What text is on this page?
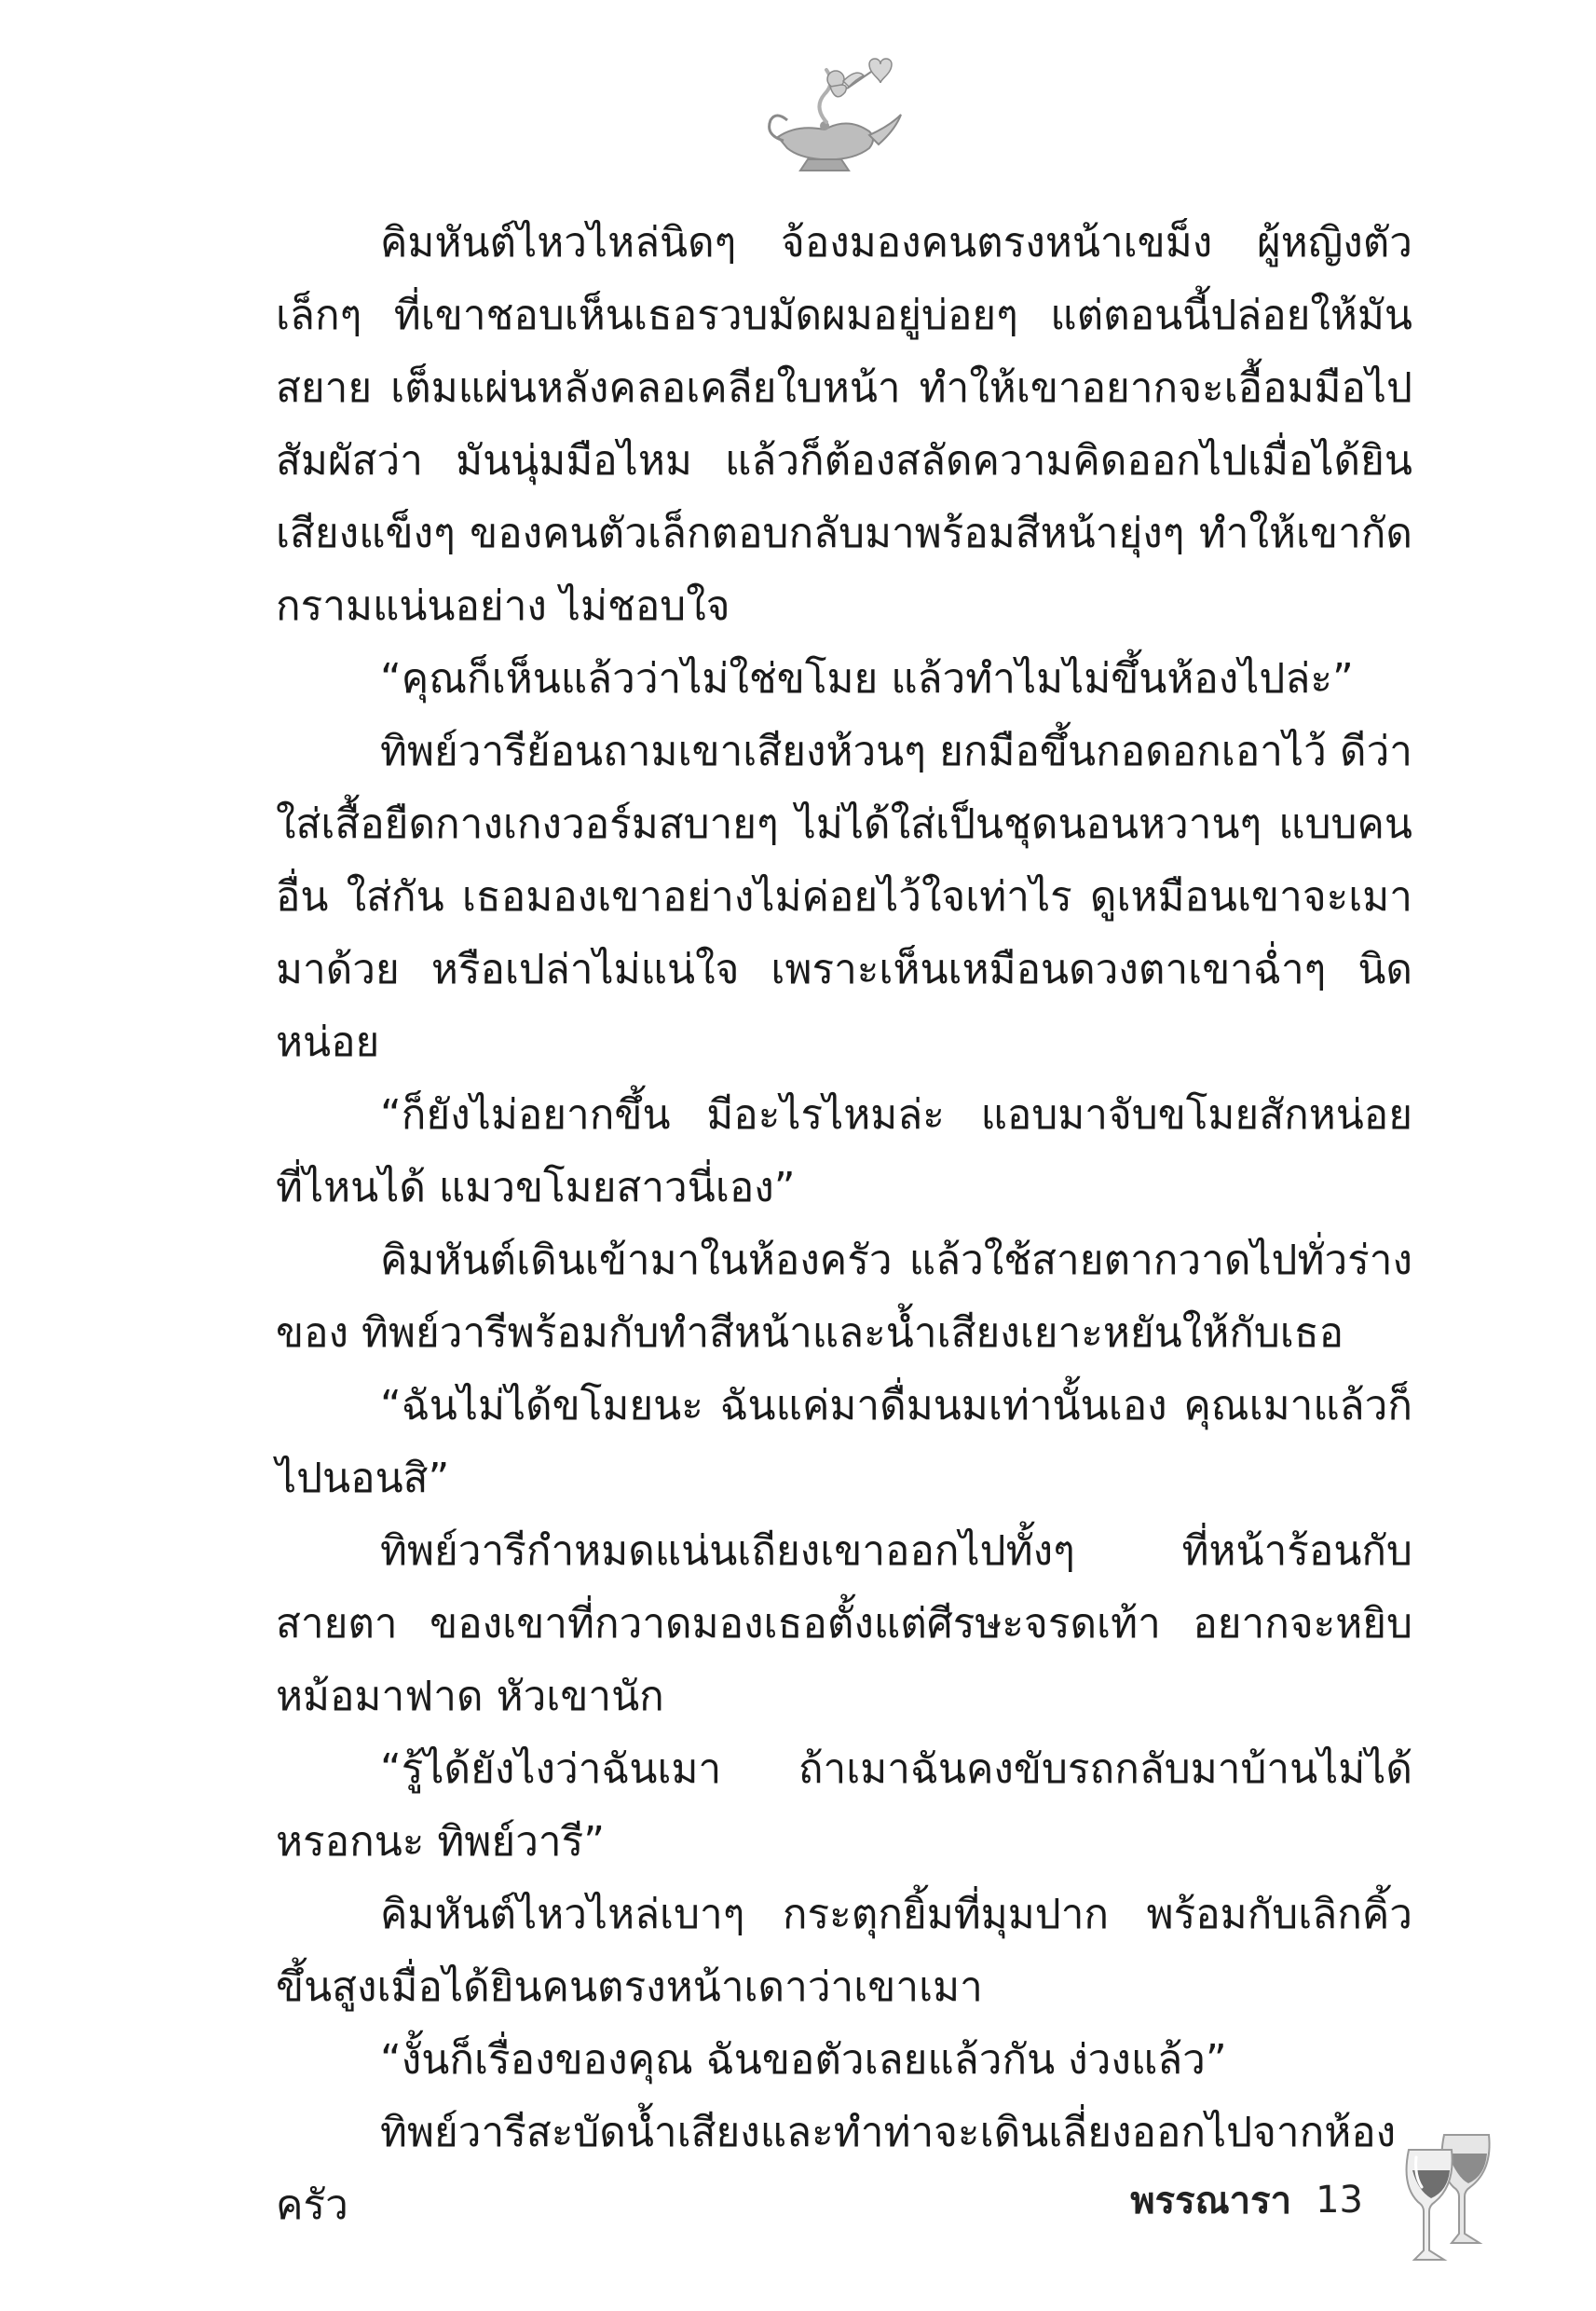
คิมหันต์ไหวไหล่นิดๆ จ้องมองคนตรงหน้าเขม็ง ผู้หญิงตัวเล็กๆ ที่เขาชอบเห็นเธอรวบมัดผมอยู่บ่อยๆ แต่ตอนนี้ปล่อยให้มันสยาย เต็มแผ่นหลังคลอเคลียใบหน้า ทำให้เขาอยากจะเอื้อมมือไปสัมผัสว่า มันนุ่มมือไหม แล้วก็ต้องสลัดความคิดออกไปเมื่อได้ยินเสียงแข็งๆ ของคนตัวเล็กตอบกลับมาพร้อมสีหน้ายุ่งๆ ทำให้เขากัดกรามแน่นอย่าง ไม่ชอบใจ

“คุณก็เห็นแล้วว่าไม่ใช่ขโมย แล้วทำไมไม่ขึ้นห้องไปล่ะ”

ทิพย์วารีย้อนถามเขาเสียงห้วนๆ ยกมือขึ้นกอดอกเอาไว้ ดีว่า ใส่เสื้อยืดกางเกงวอร์มสบายๆ ไม่ได้ใส่เป็นชุดนอนหวานๆ แบบคนอื่น ใส่กัน เธอมองเขาอย่างไม่ค่อยไว้ใจเท่าไร ดูเหมือนเขาจะเมามาด้วย หรือเปล่าไม่แน่ใจ เพราะเห็นเหมือนดวงตาเขาฉ่ำๆ นิดหน่อย

“ก็ยังไม่อยากขึ้น มีอะไรไหมล่ะ แอบมาจับขโมยสักหน่อย ที่ไหนได้ แมวขโมยสาวนี่เอง”

คิมหันต์เดินเข้ามาในห้องครัว แล้วใช้สายตากวาดไปทั่วร่างของ ทิพย์วารีพร้อมกับทำสีหน้าและน้ำเสียงเยาะหยันให้กับเธอ

“ฉันไม่ได้ขโมยนะ ฉันแค่มาดื่มนมเท่านั้นเอง คุณเมาแล้วก็ ไปนอนสิ”

ทิพย์วารีกำหมดแน่นเถียงเขาออกไปทั้งๆ ที่หน้าร้อนกับสายตา ของเขาที่กวาดมองเธอตั้งแต่ศีรษะจรดเท้า อยากจะหยิบหม้อมาฟาด หัวเขานัก

“รู้ได้ยังไงว่าฉันเมา ถ้าเมาฉันคงขับรถกลับมาบ้านไม่ได้หรอกนะ ทิพย์วารี”

คิมหันต์ไหวไหล่เบาๆ กระตุกยิ้มที่มุมปาก พร้อมกับเลิกคิ้ว ขึ้นสูงเมื่อได้ยินคนตรงหน้าเดาว่าเขาเมา

“งั้นก็เรื่องของคุณ ฉันขอตัวเลยแล้วกัน ง่วงแล้ว”

ทิพย์วารีสะบัดน้ำเสียงและทำท่าจะเดินเลี่ยงออกไปจากห้องครัว	พรรณารา 13
